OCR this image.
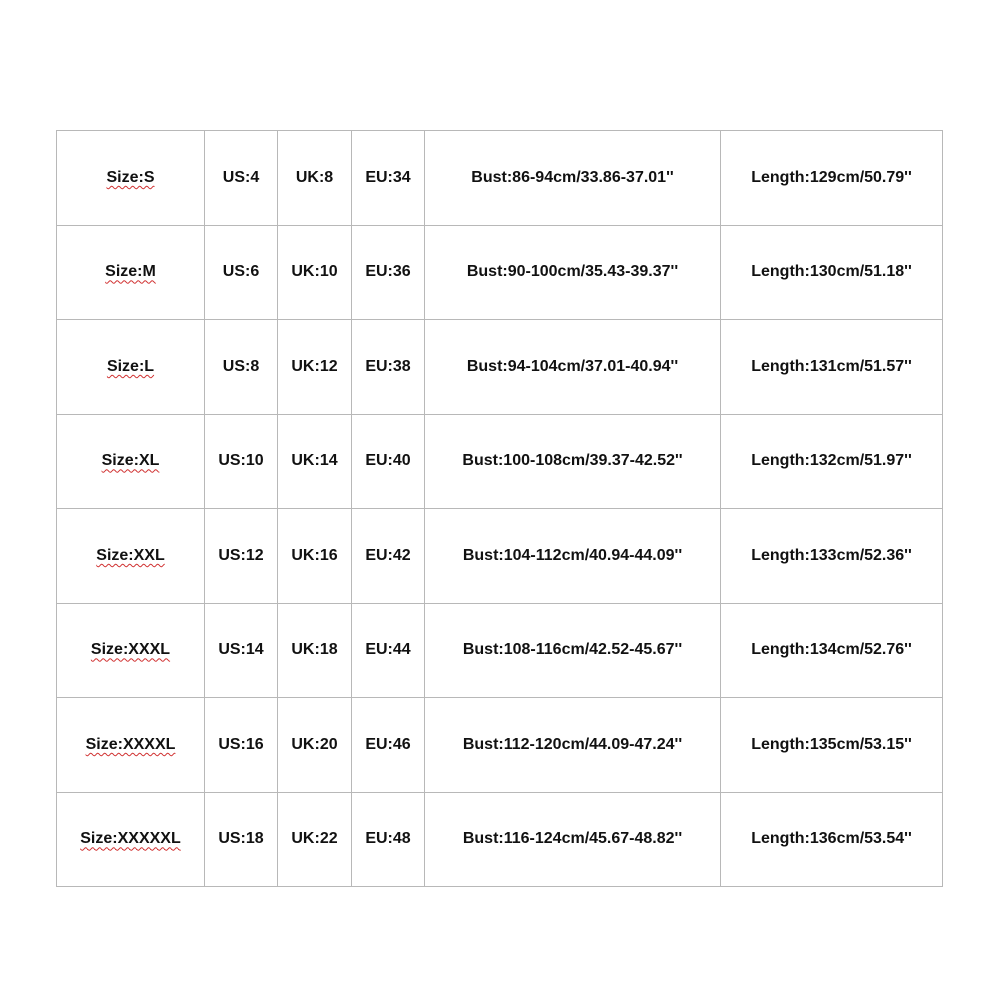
Size:S	US:4	UK:8	EU:34	Bust:86-94cm/33.86-37.01''	Length:129cm/50.79''
Size:M	US:6	UK:10	EU:36	Bust:90-100cm/35.43-39.37''	Length:130cm/51.18''
Size:L	US:8	UK:12	EU:38	Bust:94-104cm/37.01-40.94''	Length:131cm/51.57''
Size:XL	US:10	UK:14	EU:40	Bust:100-108cm/39.37-42.52''	Length:132cm/51.97''
Size:XXL	US:12	UK:16	EU:42	Bust:104-112cm/40.94-44.09''	Length:133cm/52.36''
Size:XXXL	US:14	UK:18	EU:44	Bust:108-116cm/42.52-45.67''	Length:134cm/52.76''
Size:XXXXL	US:16	UK:20	EU:46	Bust:112-120cm/44.09-47.24''	Length:135cm/53.15''
Size:XXXXXL	US:18	UK:22	EU:48	Bust:116-124cm/45.67-48.82''	Length:136cm/53.54''
